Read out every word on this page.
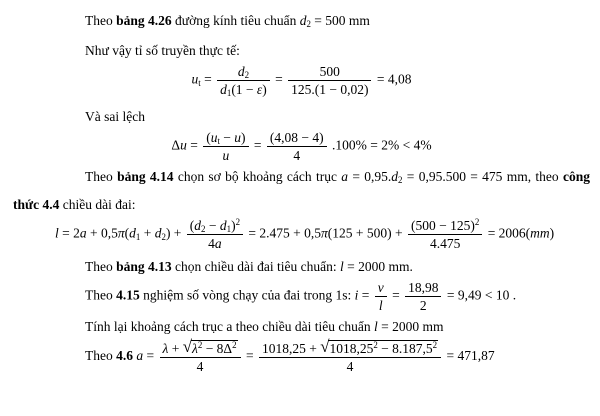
Theo bảng 4.26 đường kính tiêu chuẩn $d_2 = 500$ mm
Như vậy tỉ số truyền thực tế:
$u_t = \frac{d_2}{d_1(1 - \varepsilon)} = \frac{500}{125.(1 - 0,02)} = 4,08$
Và sai lệch
$\Delta u = \frac{(u_t - u)}{u} = \frac{(4,08 - 4)}{4} .100\% = 2\% < 4\%$
Theo bảng 4.14 chọn sơ bộ khoảng cách trục $a = 0,95.d_2 = 0,95.500 = 475$ mm, theo công
thức 4.4 chiều dài đai:
$l = 2a + 0,5\pi(d_1 + d_2) + \frac{(d_2 - d_1)^2}{4a} = 2.475 + 0,5\pi(125 + 500) + \frac{(500 - 125)^2}{4.475} = 2006(mm)$
Theo bảng 4.13 chọn chiều dài đai tiêu chuẩn: l = 2000 mm.
Theo 4.15 nghiệm số vòng chạy của đai trong 1s: $i = \frac{v}{l} = \frac{18,98}{2} = 9,49 < 10$ .
Tính lại khoảng cách trục a theo chiều dài tiêu chuẩn l = 2000 mm
Theo 4.6 $a = \frac{\lambda + √\lambda^2 - 8\Delta^2}{4} = \frac{1018,25 + √1018,25^2 - 8.187,5^2}{4} = 471,87$
